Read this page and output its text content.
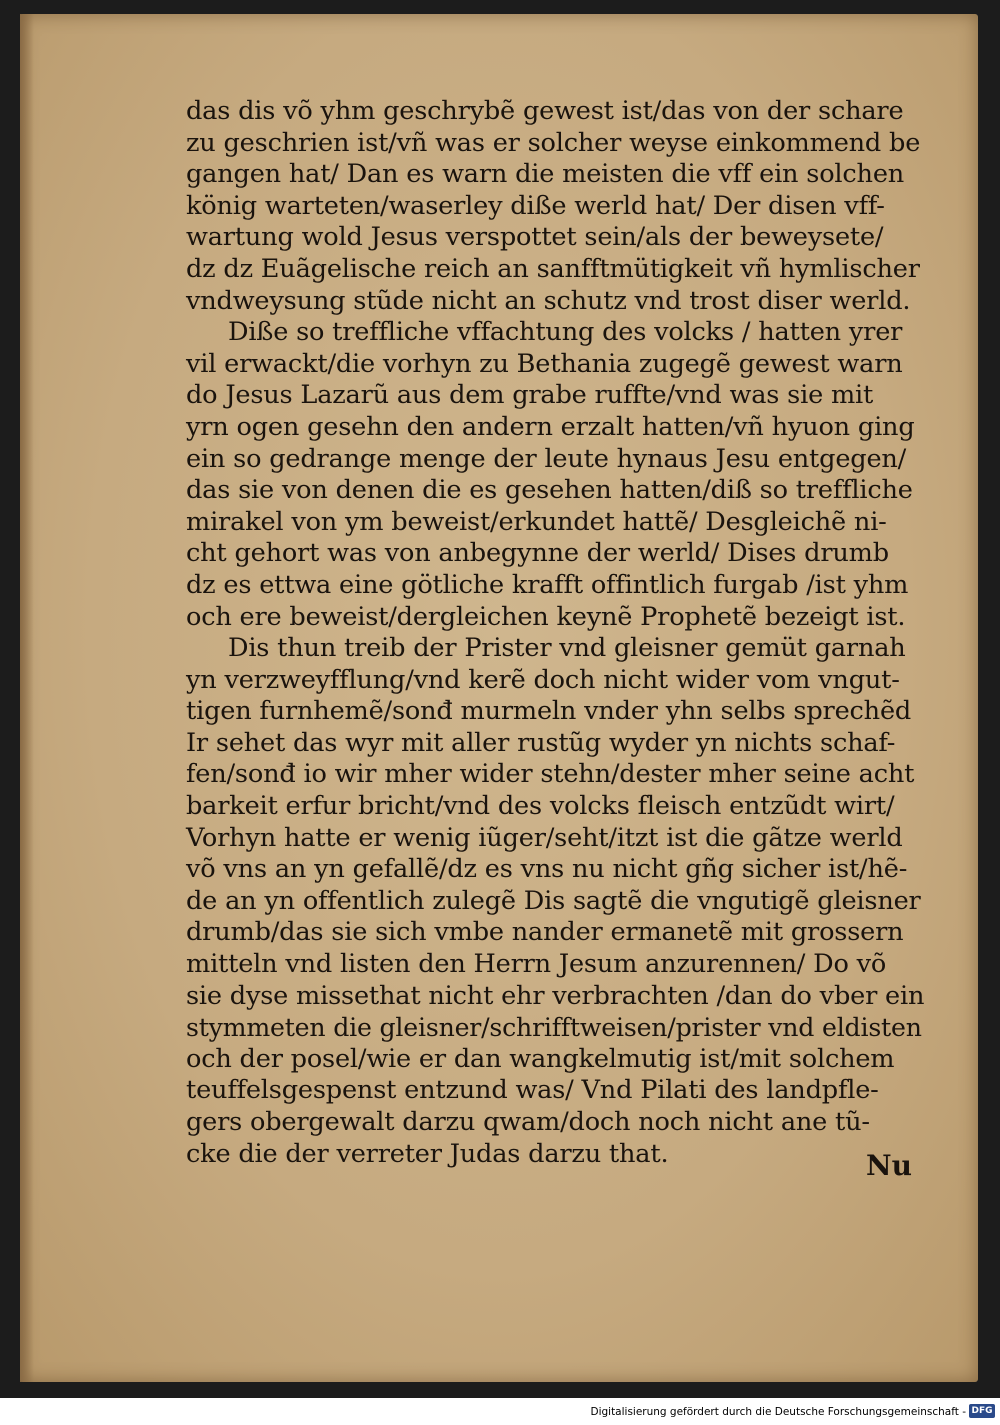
das dis võ yhm geschrybẽ gewest ist/das von der schare
zu geschrien ist/vñ was er solcher weyse einkommend be
gangen hat/ Dan es warn die meisten die vff ein solchen
könig warteten/waserley diße werld hat/ Der disen vff-
wartung wold Jesus verspottet sein/als der beweysete/
dz dz Euãgelische reich an sanfftmütigkeit vñ hymlischer
vndweysung stũde nicht an schutz vnd trost diser werld.
Diße so treffliche vffachtung des volcks / hatten yrer
vil erwackt/die vorhyn zu Bethania zugegẽ gewest warn
do Jesus Lazarũ aus dem grabe ruffte/vnd was sie mit
yrn ogen gesehn den andern erzalt hatten/vñ hyuon ging
ein so gedrange menge der leute hynaus Jesu entgegen/
das sie von denen die es gesehen hatten/diß so treffliche
mirakel von ym beweist/erkundet hattẽ/ Desgleichẽ ni-
cht gehort was von anbegynne der werld/ Dises drumb
dz es ettwa eine götliche krafft offintlich furgab /ist yhm
och ere beweist/dergleichen keynẽ Prophetẽ bezeigt ist.
Dis thun treib der Prister vnd gleisner gemüt garnah
yn verzweyfflung/vnd kerẽ doch nicht wider vom vngut-
tigen furnhemẽ/sonđ murmeln vnder yhn selbs sprechẽd
Ir sehet das wyr mit aller rustũg wyder yn nichts schaf-
fen/sonđ io wir mher wider stehn/dester mher seine acht
barkeit erfur bricht/vnd des volcks fleisch entzũdt wirt/
Vorhyn hatte er wenig iũger/seht/itzt ist die gãtze werld
võ vns an yn gefallẽ/dz es vns nu nicht gñg sicher ist/hẽ-
de an yn offentlich zulegẽ Dis sagtẽ die vngutigẽ gleisner
drumb/das sie sich vmbe nander ermanetẽ mit grossern
mitteln vnd listen den Herrn Jesum anzurennen/ Do võ
sie dyse missethat nicht ehr verbrachten /dan do vber ein
stymmeten die gleisner/schrifftweisen/prister vnd eldisten
och der posel/wie er dan wangkelmutig ist/mit solchem
teuffelsgespenst entzund was/ Vnd Pilati des landpfle-
gers obergewalt darzu qwam/doch noch nicht ane tũ-
cke die der verreter Judas darzu that.	Nu
Digitalisierung gefördert durch die Deutsche Forschungsgemeinschaft - DFG
